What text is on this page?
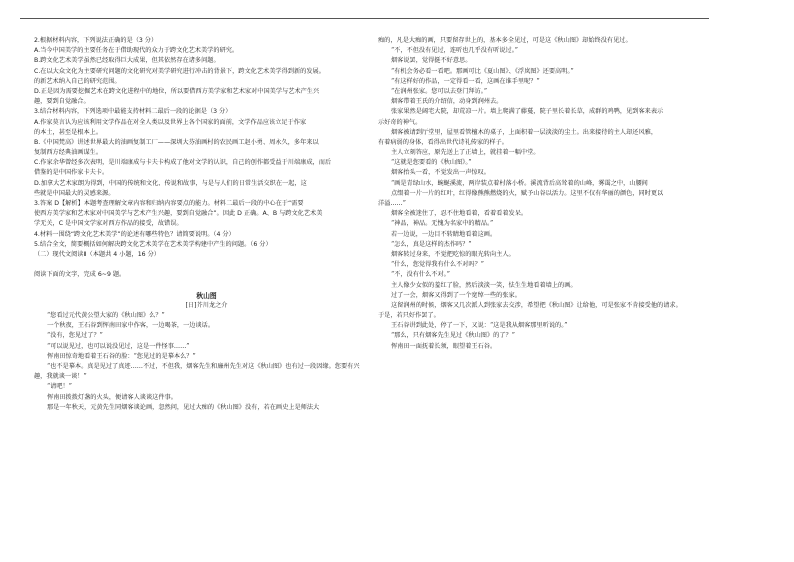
2.根据材料内容，下列说法正确的是（3 分）
A.当今中国美学的主要任务在于借助现代的众力于跨文化艺术美学的研究。
B.跨文化艺术美学虽然已经取得巨大成果，但其依然存在诸多问题。
C.在以大众文化为主要研究问题的文化研究对美学研究进行冲击的背景下，跨文化艺术美学得到新的发展。
的新艺术纳入自己的研究范围。
D.正是因为需要挖掘艺术在跨文化进程中的地位，所以要借西方美学家和艺术家对中国美学与艺术产生兴
趣，要到自觉融合。
3.结合材料内容，下列选项中最能支持材料二最后一段的论据是（3 分）
A.作家莫言认为应该利用文学作品在对全人类以及世界上各个国家的面前，文学作品应该立足于作家
的本土，甚至是根本上。
B.《中国梵高》讲述世界最大的油画复制工厂——深圳大芬油画村的农民画工赵小勇、周永久，多年来以
复制西方经典油画谋生。
C.作家余华曾经多次表明，是川端康成与卡夫卡构成了他对文学的认识，自己的创作都受益于川端康成，而后
借鉴的是中国作家卡夫卡。
D.加拿大艺术家朗为得到，中国的传统和文化、传说和故事，与是与人们的日常生活交织在一起，这
些就是中国最大的灵感来源。
3.答案 D【解析】本题考查理解文章内容和归纳内容要点的能力。材料二最后一段的中心在于“需要
使西方美学家和艺术家对中国美学与艺术产生兴趣，要到自觉融合”。因此 D 正确。A、B 与跨文化艺术美
学无关，C 是中国文学家对西方作品的接受，故错误。
4.材料一围绕“跨文化艺术美学”的论述有哪些特色？请简要说明。（4 分）
5.结合全文，简要概括如何解决跨文化艺术美学在艺术美学构建中产生的问题。（6 分）
（二）现代文阅读Ⅱ（本题共 4 小题，16 分）
阅读下面的文字，完成 6~9 题。
秋山图
[日]芥川龙之介
“您看过元代黄公望大家的《秋山图》么？”
一个秋夜，王石谷到恽南田家中作客，一边喝茶，一边谈话。
“没有，您见过了？”
“可以说见过，也可以说没见过，这是一件怪事……”
恽南田惊奇地看着王石谷的脸：“您见过的是摹本么？”
“也不是摹本。真是见过了真迹……不过，不但我，烟客先生和廉州先生对这《秋山图》也有过一段因缘。您要有兴
趣，我就谈一谈！”
“请吧！”
恽南田拨拨灯盏的火头，便请客人谈谈这件事。
那是一年秋天，元黄先生同烟客谈论画，忽然问，见过大痴的《秋山图》没有，若在画史上是师法大
痴的，凡是大痴的画，只要留存世上的，基本多全见过，可是这《秋山图》却始终没有见过。
“不，不但没有见过，连听也几乎没有听说过。”
烟客说罢，觉得挺不好意思。
“有机会务必看一看吧。那画可比《夏山图》、《浮岚图》还要高明。”
“有这样好的作品，一定得看一看，这画在谁手里呢？”
“在润州张家。您可以去登门拜访。”
烟客带着王氏的介绍信，动身到润州去。
张家果然是阔宅大院，却荒凉一片。墙上爬满了藤蔓，院子里长着长草，成群的鸡鸭，见到客来表示
示好奇的神气。
烟客被请到厅堂里，屋里看管檀木的桌子，上面积着一层淡淡的尘土。出来接待的主人却还风雅，
有着病弱的身体，看得出世代诗礼传家的样子。
主人立刻答应，原先送上了正墙上，就挂着一幅中堂。
“这就是您要看的《秋山图》。”
烟客抬头一看，不觉发出一声惊叹。
“画是青绿山水，蜿蜒溪流，两岸装点着村落小桥。溪流背后高耸着的山峰，雾霭之中，山腰间
点缀着一片一片的红叶，红得像熊熊燃烧的火，赋予山谷以活力。这里不仅有华丽的颜色，同时更以
洋溢……”
烟客全被迷住了，忍不住地看着，看着看着发呆。
“神品，神品。无愧为名家中的精品。”
若一边说，一边目不转睛地看着这画。
“怎么，真是这样的杰作吗？”
烟客转过身来，不觉把吃惊的眼光转向主人。
“什么，您觉得我有什么不对吗？”
“不，没有什么不对。”
主人像少女似的羞红了脸，然后淡淡一笑，怯生生地看着墙上的画。
过了一会，烟客又得到了一个宽绰一些的张家。
这留润州的时候，烟客又几次派人到张家去交涉，希望把《秋山图》让给他，可是张家不肯接受他的请求。
于是，若只好作罢了。
王石谷讲到此处，停了一下，又说：“这是我从烟客那里听说的。”
“那么，只有烟客先生见过《秋山图》的了？”
恽南田一面抚着长须，眼望着王石谷。
